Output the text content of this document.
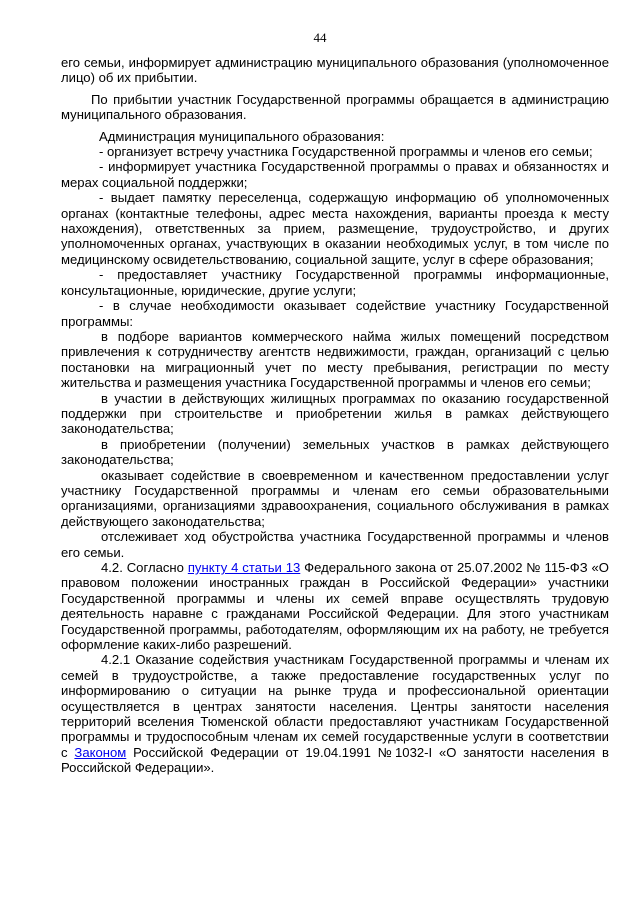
44

его семьи, информирует администрацию муниципального образования (уполномоченное лицо) об их прибытии.

По прибытии участник Государственной программы обращается в администрацию муниципального образования.

Администрация муниципального образования:

- организует встречу участника Государственной программы и членов его семьи;

- информирует участника Государственной программы о правах и обязанностях и мерах социальной поддержки;

- выдает памятку переселенца, содержащую информацию об уполномоченных органах (контактные телефоны, адрес места нахождения, варианты проезда к месту нахождения), ответственных за прием, размещение, трудоустройство, и других уполномоченных органах, участвующих в оказании необходимых услуг, в том числе по медицинскому освидетельствованию, социальной защите, услуг в сфере образования;

- предоставляет участнику Государственной программы информационные, консультационные, юридические, другие услуги;

- в случае необходимости оказывает содействие участнику Государственной программы:

в подборе вариантов коммерческого найма жилых помещений посредством привлечения к сотрудничеству агентств недвижимости, граждан, организаций с целью постановки на миграционный учет по месту пребывания, регистрации по месту жительства и размещения участника Государственной программы и членов его семьи;

в участии в действующих жилищных программах по оказанию государственной поддержки при строительстве и приобретении жилья в рамках действующего законодательства;

в приобретении (получении) земельных участков в рамках действующего законодательства;

оказывает содействие в своевременном и качественном предоставлении услуг участнику Государственной программы и членам его семьи образовательными организациями, организациями здравоохранения, социального обслуживания в рамках действующего законодательства;

отслеживает ход обустройства участника Государственной программы и членов его семьи.

4.2. Согласно пункту 4 статьи 13 Федерального закона от 25.07.2002 № 115-ФЗ «О правовом положении иностранных граждан в Российской Федерации» участники Государственной программы и члены их семей вправе осуществлять трудовую деятельность наравне с гражданами Российской Федерации. Для этого участникам Государственной программы, работодателям, оформляющим их на работу, не требуется оформление каких-либо разрешений.

4.2.1 Оказание содействия участникам Государственной программы и членам их семей в трудоустройстве, а также предоставление государственных услуг по информированию о ситуации на рынке труда и профессиональной ориентации осуществляется в центрах занятости населения. Центры занятости населения территорий вселения Тюменской области предоставляют участникам Государственной программы и трудоспособным членам их семей государственные услуги в соответствии с Законом Российской Федерации от 19.04.1991 №1032-I «О занятости населения в Российской Федерации».
